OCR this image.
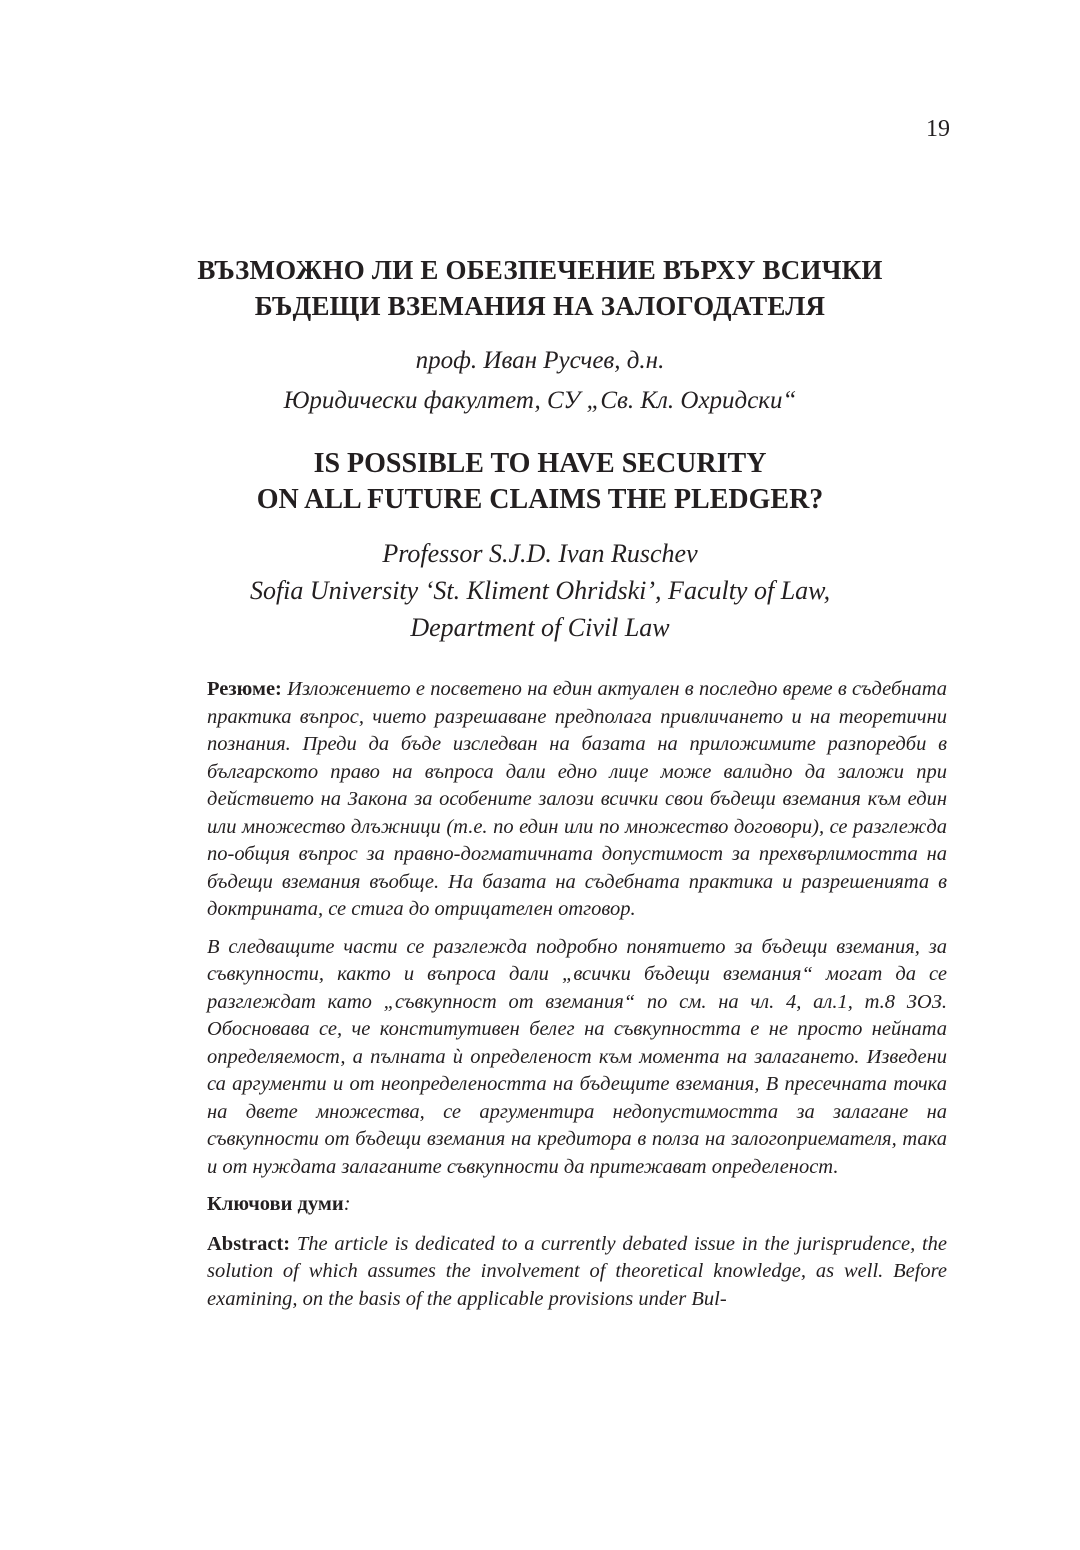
19
ВЪЗМОЖНО ЛИ Е ОБЕЗПЕЧЕНИЕ ВЪРХУ ВСИЧКИ
БЪДЕЩИ ВЗЕМАНИЯ НА ЗАЛОГОДАТЕЛЯ
проф. Иван Русчев, д.н.
Юридически факултет, СУ „Св. Кл. Охридски“
IS POSSIBLE TO HAVE SECURITY
ON ALL FUTURE CLAIMS THE PLEDGER?
Professor S.J.D. Ivan Ruschev
Sofia University ‘St. Kliment Ohridski’, Faculty of Law,
Department of Civil Law

Резюме: Изложението е посветено на един актуален в последно време в съдебната практика въпрос, чието разрешаване предполага привличането и на теоретични познания. Преди да бъде изследван на базата на приложимите разпоредби в българското право на въпроса дали едно лице може валидно да заложи при действието на Закона за особените залози всички свои бъдещи вземания към един или множество длъжници (т.е. по един или по множество договори), се разглежда по-общия въпрос за правно-догматичната допустимост за прехвърлимостта на бъдещи вземания въобще. На базата на съдебната практика и разрешенията в доктрината, се стига до отрицателен отговор.

В следващите части се разглежда подробно понятието за бъдещи вземания, за съвкупности, както и въпроса дали „всички бъдещи вземания“ могат да се разглеждат като „съвкупност от вземания“ по см. на чл. 4, ал.1, т.8 ЗОЗ. Обосновава се, че конститутивен белег на съвкупността е не просто нейната определяемост, а пълната ѝ определеност към момента на залагането. Изведени са аргументи и от неопределеността на бъдещите вземания, В пресечната точка на двете множества, се аргументира недопустимостта за залагане на съвкупности от бъдещи вземания на кредитора в полза на залогоприемателя, така и от нуждата залаганите съвкупности да притежават определеност.

Ключови думи:

Abstract: The article is dedicated to a currently debated issue in the jurisprudence, the solution of which assumes the involvement of theoretical knowledge, as well. Before examining, on the basis of the applicable provisions under Bul-
